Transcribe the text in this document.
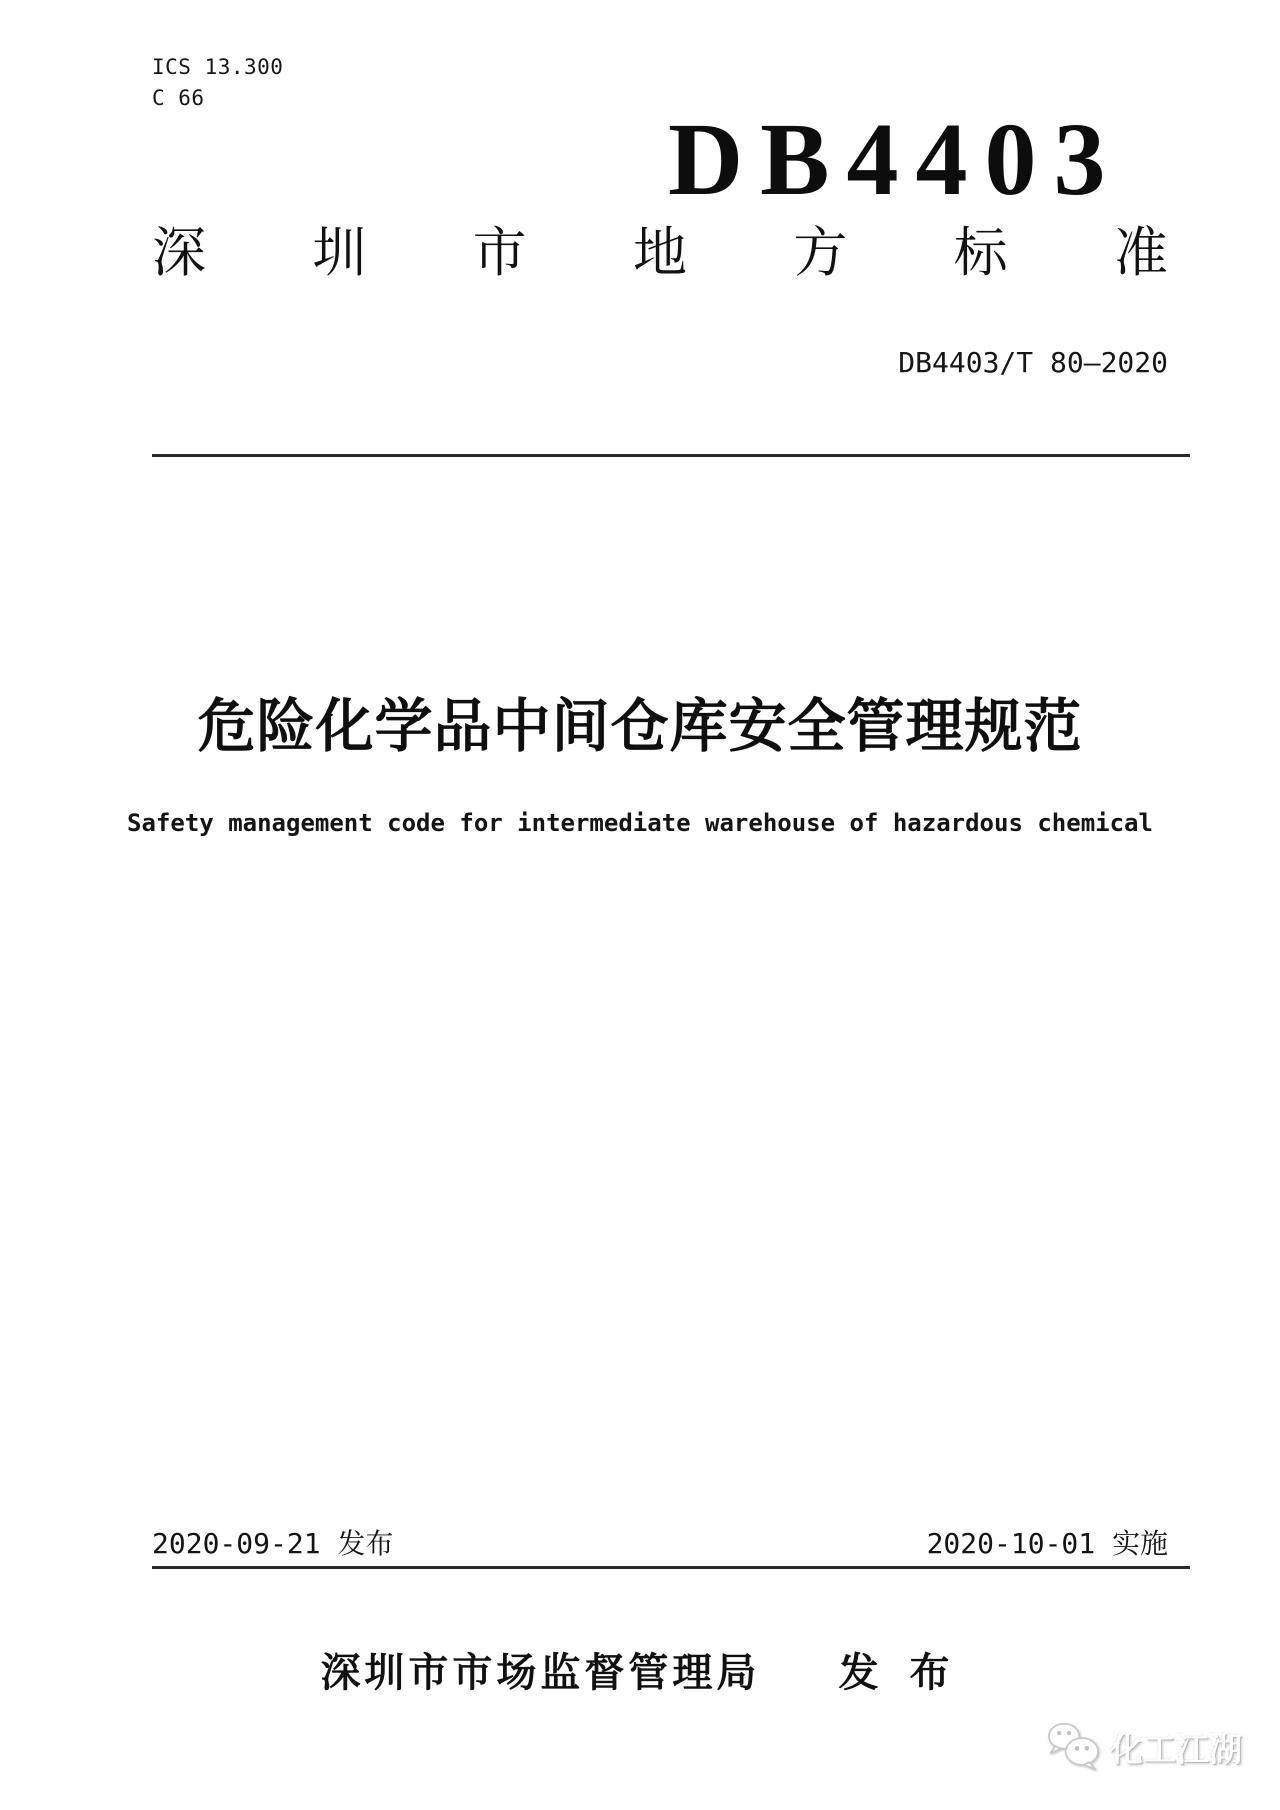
ICS 13.300
C 66
DB4403
深 圳 市 地 方 标 准
DB4403/T 80—2020
危险化学品中间仓库安全管理规范
Safety management code for intermediate warehouse of hazardous chemical
2020-09-21 发布	2020-10-01 实施
深圳市市场监督管理局 发 布
化工江湖
